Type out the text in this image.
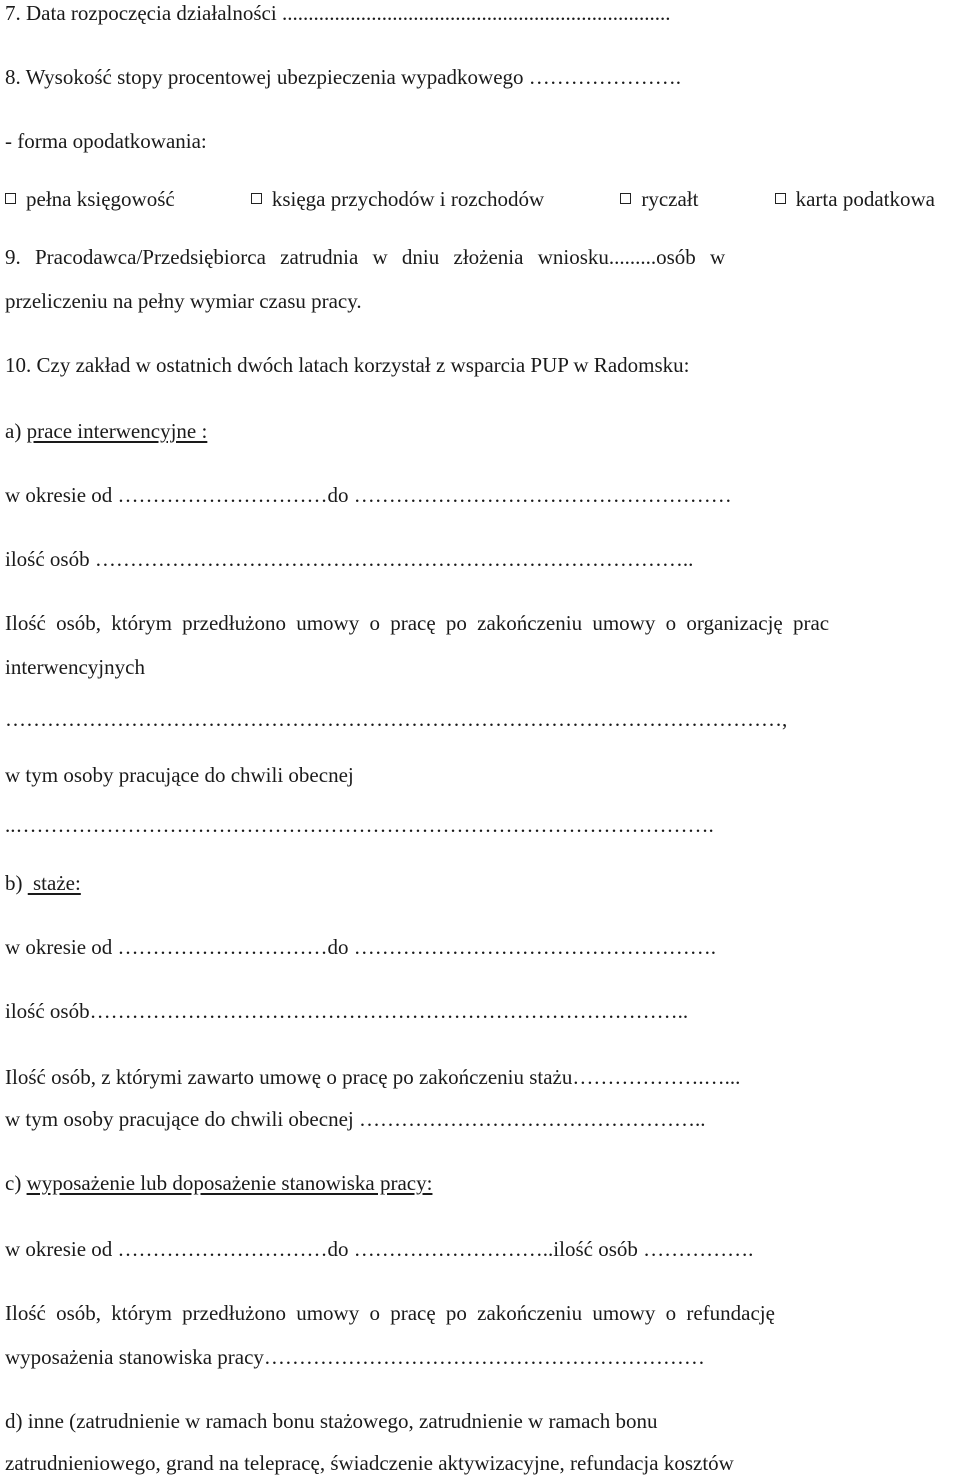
7. Data rozpoczęcia działalności ..........................................................................
8. Wysokość stopy procentowej ubezpieczenia wypadkowego ………………….
- forma opodatkowania:
pełna księgowość	księga przychodów i rozchodów	ryczałt	karta podatkowa
9. Pracodawca/Przedsiębiorca zatrudnia w dniu złożenia wniosku.........osób w
przeliczeniu na pełny wymiar czasu pracy.
10. Czy zakład w ostatnich dwóch latach korzystał z wsparcia PUP w Radomsku:
a) prace interwencyjne :
w okresie od …………………………do ………………………………………………
ilość osób …………………………………………………………………………..
Ilość osób, którym przedłużono umowy o pracę po zakończeniu umowy o organizację prac
interwencyjnych
…………………………………………………………………………………………………,
w tym osoby pracujące do chwili obecnej
..……………………………………………………………………………………….
b)  staże:
w okresie od …………………………do …………………………………………….
ilość osób…………………………………………………………………………..
Ilość osób, z którymi zawarto umowę o pracę po zakończeniu stażu……………….…...
w tym osoby pracujące do chwili obecnej …………………………………………..
c) wyposażenie lub doposażenie stanowiska pracy:
w okresie od …………………………do ………………………..ilość osób …………….
Ilość osób, którym przedłużono umowy o pracę po zakończeniu umowy o refundację
wyposażenia stanowiska pracy………………………………………………………
d) inne (zatrudnienie w ramach bonu stażowego, zatrudnienie w ramach bonu
zatrudnieniowego, grand na telepracę, świadczenie aktywizacyjne, refundacja kosztów
